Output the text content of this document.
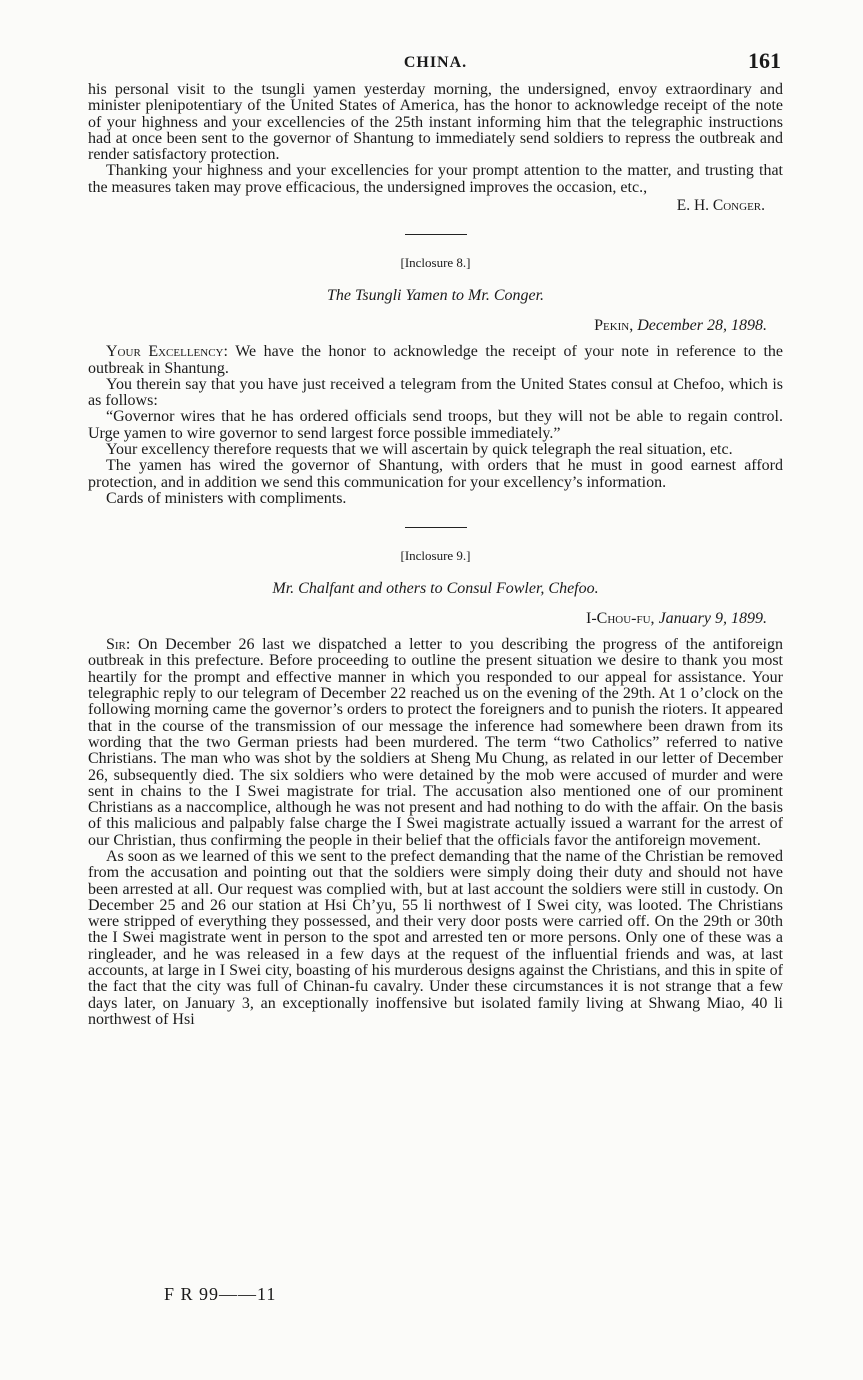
CHINA.	161

his personal visit to the tsungli yamen yesterday morning, the undersigned, envoy extraordinary and minister plenipotentiary of the United States of America, has the honor to acknowledge receipt of the note of your highness and your excellencies of the 25th instant informing him that the telegraphic instructions had at once been sent to the governor of Shantung to immediately send soldiers to repress the outbreak and render satisfactory protection.

Thanking your highness and your excellencies for your prompt attention to the matter, and trusting that the measures taken may prove efficacious, the undersigned improves the occasion, etc.,

E. H. Conger.

[Inclosure 8.]

The Tsungli Yamen to Mr. Conger.

Pekin, December 28, 1898.

Your Excellency: We have the honor to acknowledge the receipt of your note in reference to the outbreak in Shantung.

You therein say that you have just received a telegram from the United States consul at Chefoo, which is as follows:

“Governor wires that he has ordered officials send troops, but they will not be able to regain control. Urge yamen to wire governor to send largest force possible immediately.”

Your excellency therefore requests that we will ascertain by quick telegraph the real situation, etc.

The yamen has wired the governor of Shantung, with orders that he must in good earnest afford protection, and in addition we send this communication for your excellency’s information.

Cards of ministers with compliments.

[Inclosure 9.]

Mr. Chalfant and others to Consul Fowler, Chefoo.

I-Chou-fu, January 9, 1899.

Sir: On December 26 last we dispatched a letter to you describing the progress of the antiforeign outbreak in this prefecture. Before proceeding to outline the present situation we desire to thank you most heartily for the prompt and effective manner in which you responded to our appeal for assistance. Your telegraphic reply to our telegram of December 22 reached us on the evening of the 29th. At 1 o’clock on the following morning came the governor’s orders to protect the foreigners and to punish the rioters. It appeared that in the course of the transmission of our message the inference had somewhere been drawn from its wording that the two German priests had been murdered. The term “two Catholics” referred to native Christians. The man who was shot by the soldiers at Sheng Mu Chung, as related in our letter of December 26, subsequently died. The six soldiers who were detained by the mob were accused of murder and were sent in chains to the I Swei magistrate for trial. The accusation also mentioned one of our prominent Christians as a naccomplice, although he was not present and had nothing to do with the affair. On the basis of this malicious and palpably false charge the I Swei magistrate actually issued a warrant for the arrest of our Christian, thus confirming the people in their belief that the officials favor the antiforeign movement.

As soon as we learned of this we sent to the prefect demanding that the name of the Christian be removed from the accusation and pointing out that the soldiers were simply doing their duty and should not have been arrested at all. Our request was complied with, but at last account the soldiers were still in custody. On December 25 and 26 our station at Hsi Ch’yu, 55 li northwest of I Swei city, was looted. The Christians were stripped of everything they possessed, and their very door posts were carried off. On the 29th or 30th the I Swei magistrate went in person to the spot and arrested ten or more persons. Only one of these was a ringleader, and he was released in a few days at the request of the influential friends and was, at last accounts, at large in I Swei city, boasting of his murderous designs against the Christians, and this in spite of the fact that the city was full of Chinan-fu cavalry. Under these circumstances it is not strange that a few days later, on January 3, an exceptionally inoffensive but isolated family living at Shwang Miao, 40 li northwest of Hsi

F R 99——11
